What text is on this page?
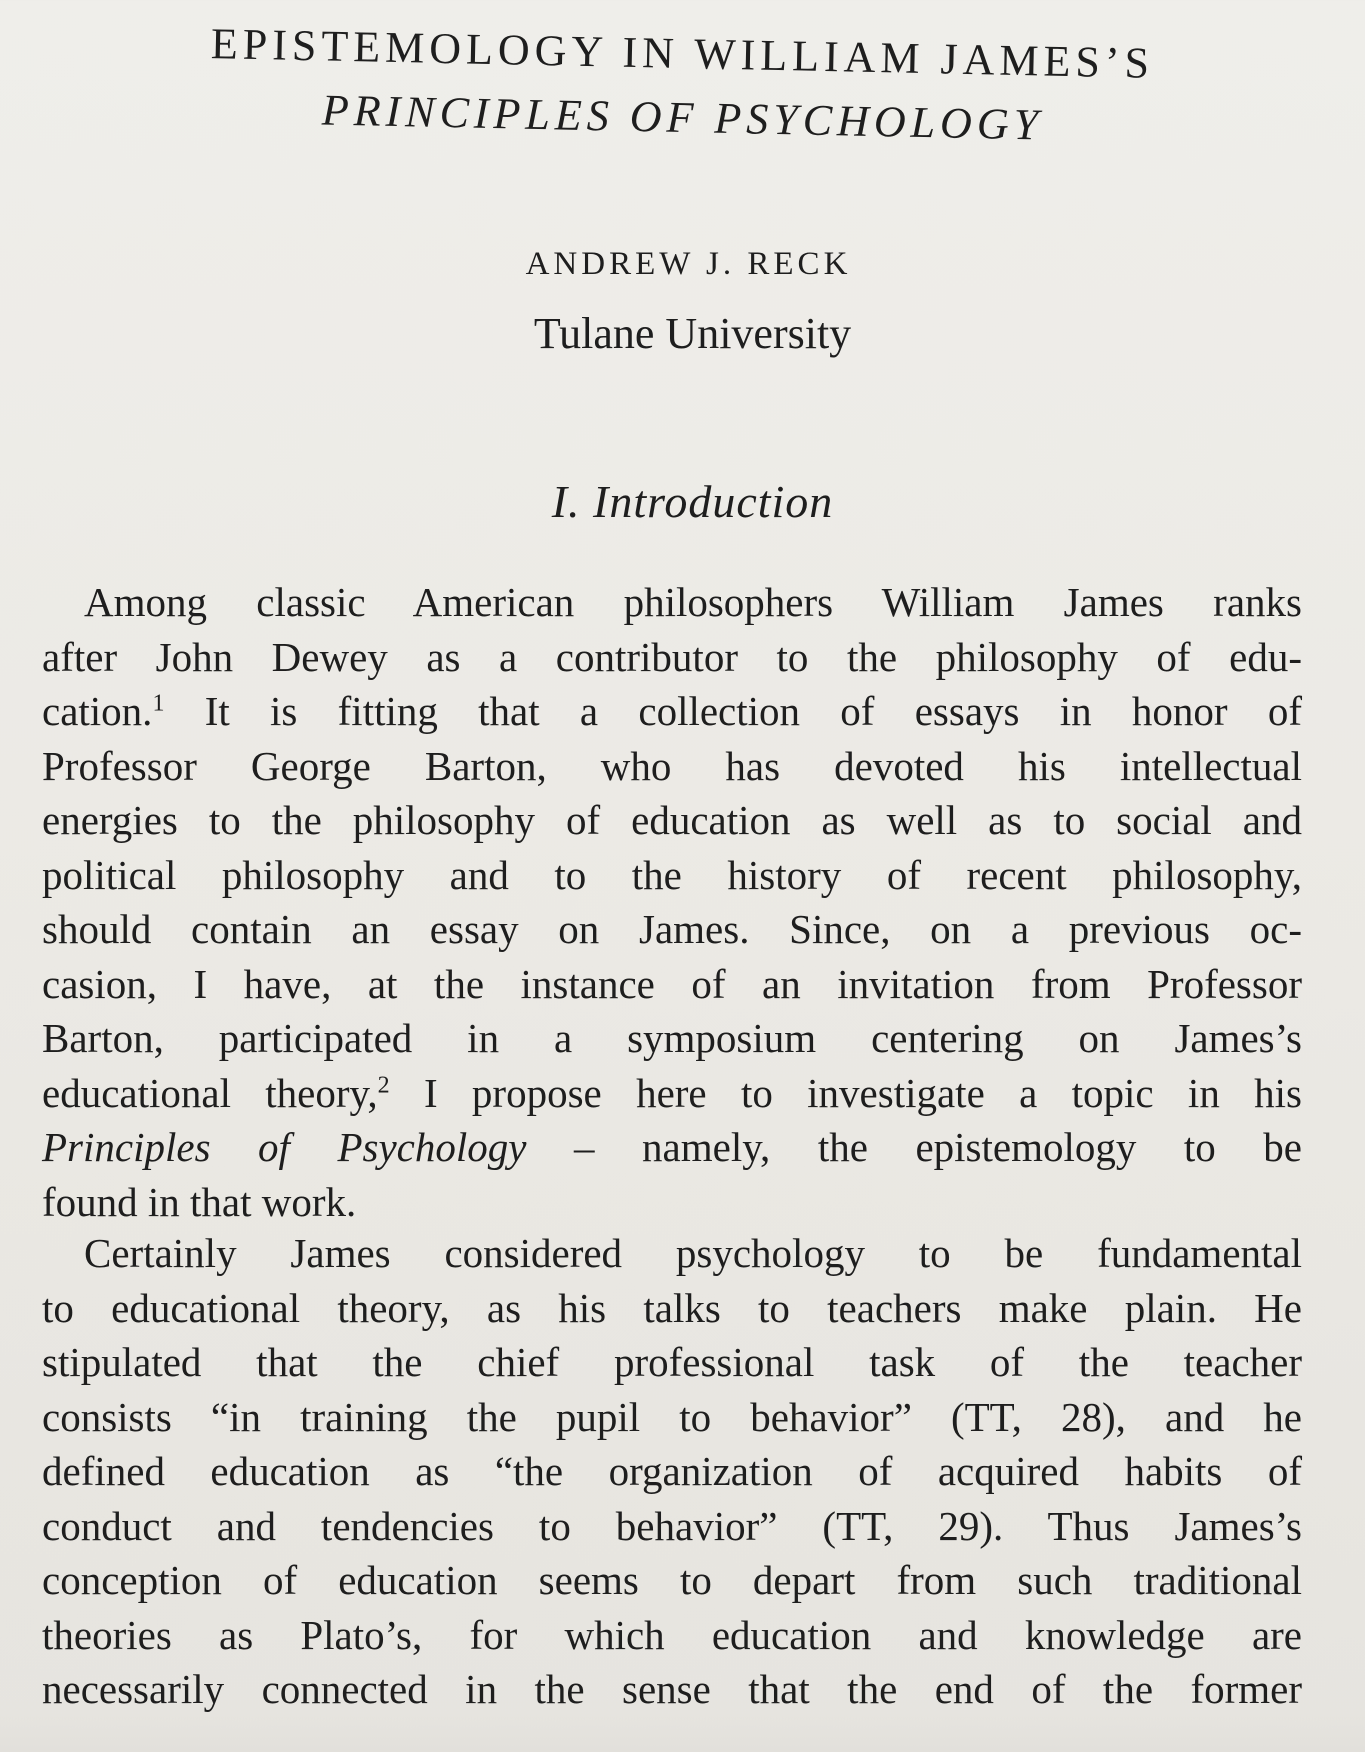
EPISTEMOLOGY IN WILLIAM JAMES’S
PRINCIPLES OF PSYCHOLOGY
ANDREW J. RECK
Tulane University
I. Introduction
Among classic American philosophers William James ranks
after John Dewey as a contributor to the philosophy of edu-
cation.$^1$ It is fitting that a collection of essays in honor of
Professor George Barton, who has devoted his intellectual
energies to the philosophy of education as well as to social and
political philosophy and to the history of recent philosophy,
should contain an essay on James. Since, on a previous oc-
casion, I have, at the instance of an invitation from Professor
Barton, participated in a symposium centering on James’s
educational theory,$^2$ I propose here to investigate a topic in his
Principles of Psychology – namely, the epistemology to be
found in that work.
Certainly James considered psychology to be fundamental
to educational theory, as his talks to teachers make plain. He
stipulated that the chief professional task of the teacher
consists “in training the pupil to behavior” (TT, 28), and he
defined education as “the organization of acquired habits of
conduct and tendencies to behavior” (TT, 29). Thus James’s
conception of education seems to depart from such traditional
theories as Plato’s, for which education and knowledge are
necessarily connected in the sense that the end of the former
